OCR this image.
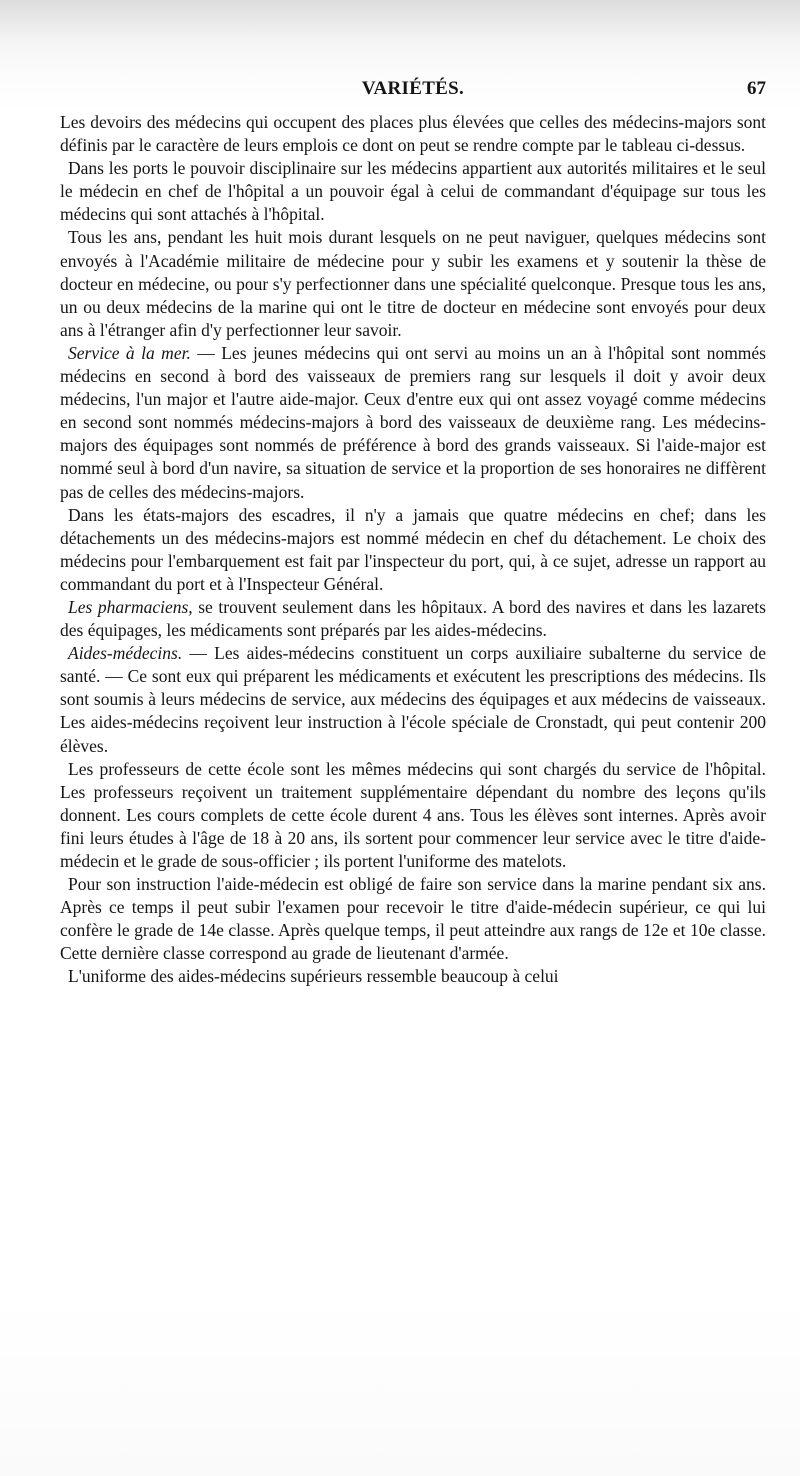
VARIÉTÉS.	67

Les devoirs des médecins qui occupent des places plus élevées que celles des médecins-majors sont définis par le caractère de leurs emplois ce dont on peut se rendre compte par le tableau ci-dessus.

Dans les ports le pouvoir disciplinaire sur les médecins appartient aux autorités militaires et le seul le médecin en chef de l'hôpital a un pouvoir égal à celui de commandant d'équipage sur tous les médecins qui sont attachés à l'hôpital.

Tous les ans, pendant les huit mois durant lesquels on ne peut naviguer, quelques médecins sont envoyés à l'Académie militaire de médecine pour y subir les examens et y soutenir la thèse de docteur en médecine, ou pour s'y perfectionner dans une spécialité quelconque. Presque tous les ans, un ou deux médecins de la marine qui ont le titre de docteur en médecine sont envoyés pour deux ans à l'étranger afin d'y perfectionner leur savoir.

Service à la mer. — Les jeunes médecins qui ont servi au moins un an à l'hôpital sont nommés médecins en second à bord des vaisseaux de premiers rang sur lesquels il doit y avoir deux médecins, l'un major et l'autre aide-major. Ceux d'entre eux qui ont assez voyagé comme médecins en second sont nommés médecins-majors à bord des vaisseaux de deuxième rang. Les médecins-majors des équipages sont nommés de préférence à bord des grands vaisseaux. Si l'aide-major est nommé seul à bord d'un navire, sa situation de service et la proportion de ses honoraires ne diffèrent pas de celles des médecins-majors.

Dans les états-majors des escadres, il n'y a jamais que quatre médecins en chef; dans les détachements un des médecins-majors est nommé médecin en chef du détachement. Le choix des médecins pour l'embarquement est fait par l'inspecteur du port, qui, à ce sujet, adresse un rapport au commandant du port et à l'Inspecteur Général.

Les pharmaciens, se trouvent seulement dans les hôpitaux. A bord des navires et dans les lazarets des équipages, les médicaments sont préparés par les aides-médecins.

Aides-médecins. — Les aides-médecins constituent un corps auxiliaire subalterne du service de santé. — Ce sont eux qui préparent les médicaments et exécutent les prescriptions des médecins. Ils sont soumis à leurs médecins de service, aux médecins des équipages et aux médecins de vaisseaux. Les aides-médecins reçoivent leur instruction à l'école spéciale de Cronstadt, qui peut contenir 200 élèves.

Les professeurs de cette école sont les mêmes médecins qui sont chargés du service de l'hôpital. Les professeurs reçoivent un traitement supplémentaire dépendant du nombre des leçons qu'ils donnent. Les cours complets de cette école durent 4 ans. Tous les élèves sont internes. Après avoir fini leurs études à l'âge de 18 à 20 ans, ils sortent pour commencer leur service avec le titre d'aide-médecin et le grade de sous-officier ; ils portent l'uniforme des matelots.

Pour son instruction l'aide-médecin est obligé de faire son service dans la marine pendant six ans. Après ce temps il peut subir l'examen pour recevoir le titre d'aide-médecin supérieur, ce qui lui confère le grade de 14e classe. Après quelque temps, il peut atteindre aux rangs de 12e et 10e classe. Cette dernière classe correspond au grade de lieutenant d'armée.

L'uniforme des aides-médecins supérieurs ressemble beaucoup à celui
